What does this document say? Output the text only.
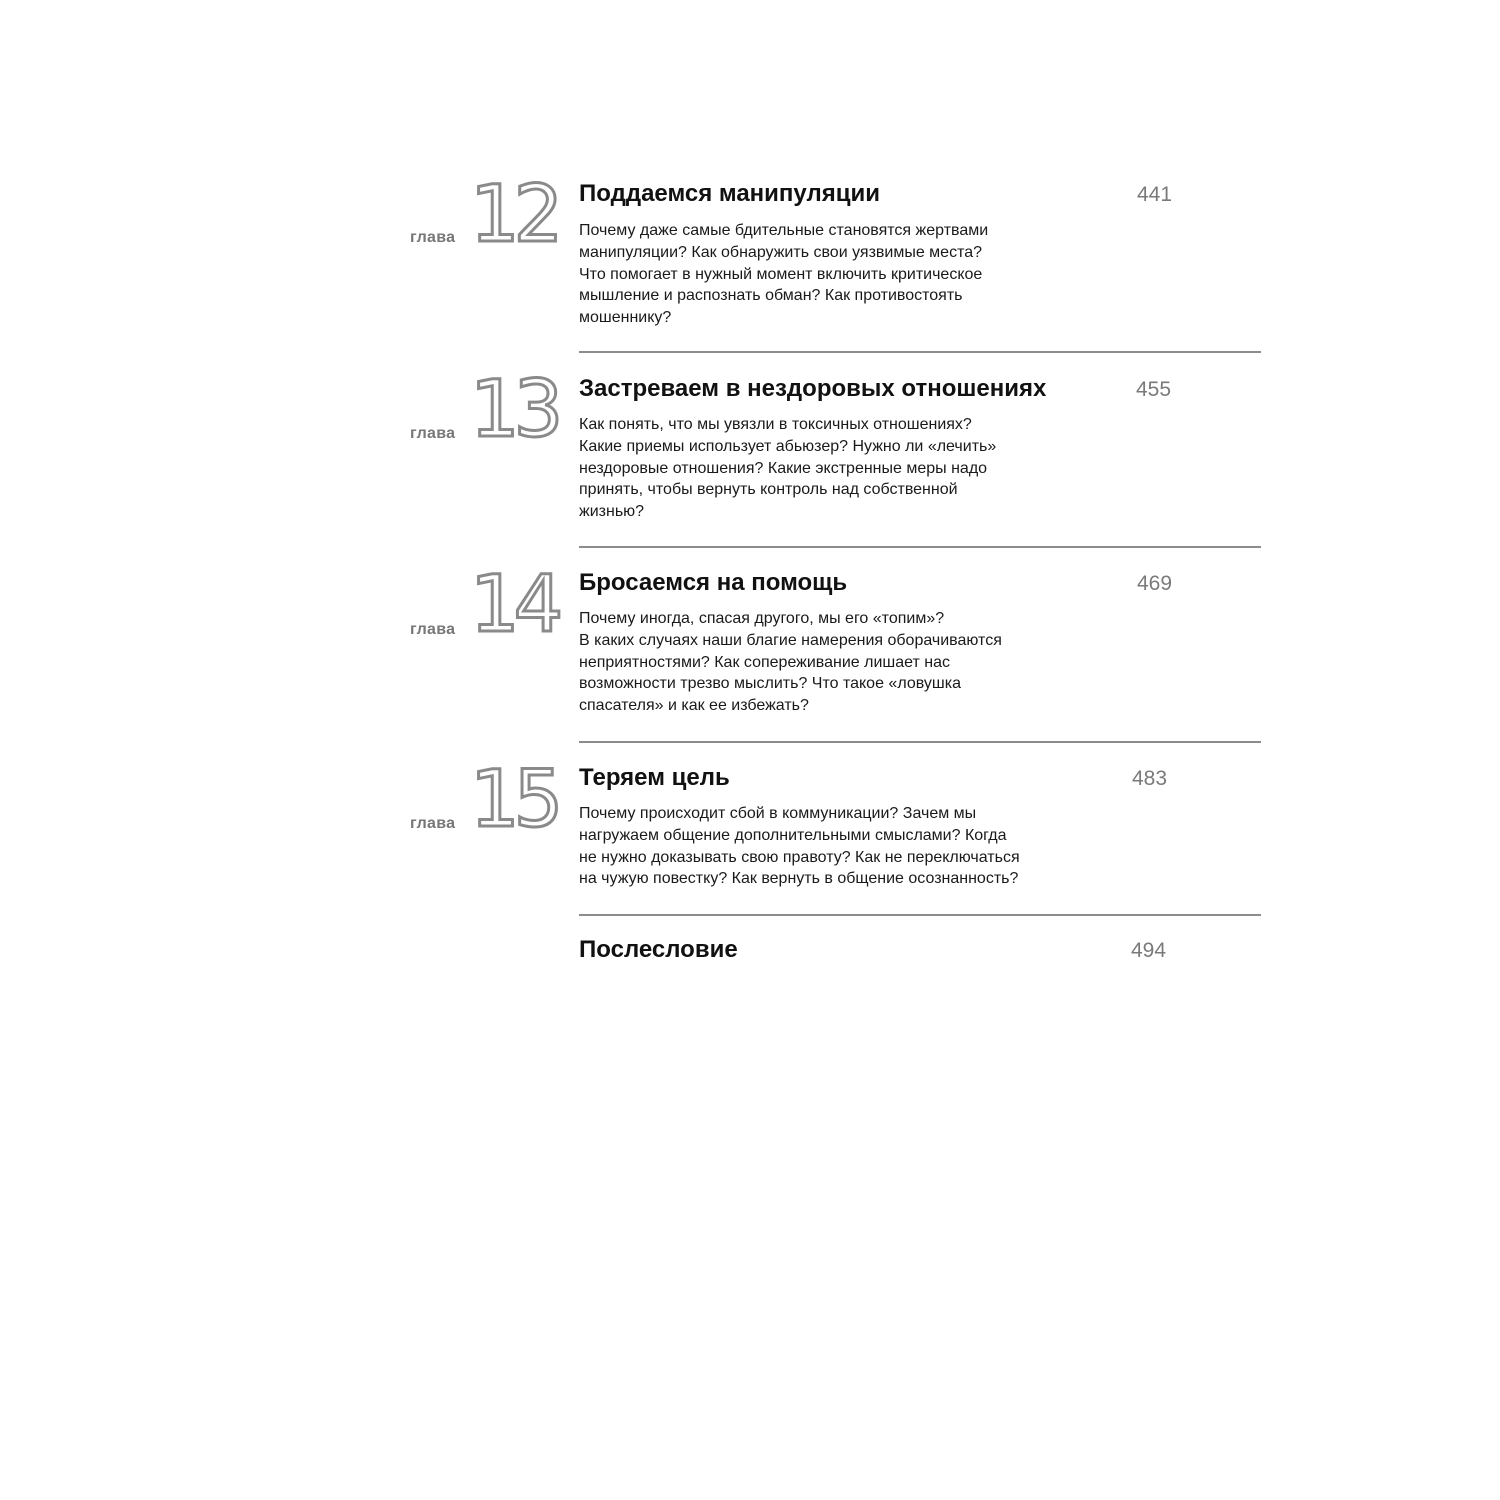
глава 12 Поддаемся манипуляции	441
Почему даже самые бдительные становятся жертвами
манипуляции? Как обнаружить свои уязвимые места?
Что помогает в нужный момент включить критическое
мышление и распознать обман? Как противостоять
мошеннику?
глава 13 Застреваем в нездоровых отношениях	455
Как понять, что мы увязли в токсичных отношениях?
Какие приемы использует абьюзер? Нужно ли «лечить»
нездоровые отношения? Какие экстренные меры надо
принять, чтобы вернуть контроль над собственной
жизнью?
глава 14 Бросаемся на помощь	469
Почему иногда, спасая другого, мы его «топим»?
В каких случаях наши благие намерения оборачиваются
неприятностями? Как сопереживание лишает нас
возможности трезво мыслить? Что такое «ловушка
спасателя» и как ее избежать?
глава 15 Теряем цель	483
Почему происходит сбой в коммуникации? Зачем мы
нагружаем общение дополнительными смыслами? Когда
не нужно доказывать свою правоту? Как не переключаться
на чужую повестку? Как вернуть в общение осознанность?
Послесловие	494
